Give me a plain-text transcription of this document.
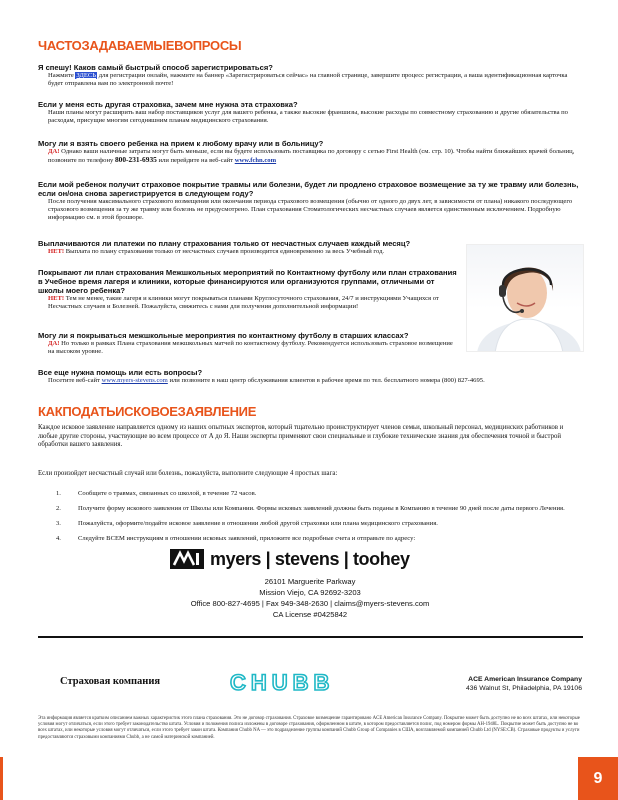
ЧАСТОЗАДАВАЕМЫЕВОПРОСЫ
Я спешу! Каков самый быстрый способ зарегистрироваться?
Нажмите ЗДЕСЬ для регистрации онлайн, нажмите на баннер «Зарегистрироваться сейчас» на главной странице, завершите процесс регистрации, а ваша идентификационная карточка будет отправлена вам по электронной почте!
Если у меня есть другая страховка, зачем мне нужна эта страховка?
Наши планы могут расширить ваш набор поставщиков услуг для вашего ребенка, а также высокие франшизы, высокие расходы по совместному страхованию и другие обязательства по расходам, присущие многим сегодняшним планам медицинского страхования.
Могу ли я взять своего ребенка на прием к любому врачу или в больницу?
ДА! Однако ваши наличные затраты могут быть меньше, если вы будете использовать поставщика по договору с сетью First Health (см. стр. 10). Чтобы найти ближайших врачей больниц, позвоните по телефону 800-231-6935 или перейдите на веб-сайт www.fchn.com
Если мой ребенок получит страховое покрытие травмы или болезни, будет ли продлено страховое возмещение за ту же травму или болезнь, если он/она снова зарегистрируется в следующем году?
После получения максимального страхового возмещения или окончания периода страхового возмещения (обычно от одного до двух лет, в зависимости от плана) никакого последующего страхового возмещения за ту же травму или болезнь не предусмотрено. План страхования Стоматологических несчастных случаев является единственным исключением. Подробную информацию см. в этой брошюре.
Выплачиваются ли платежи по плану страхования только от несчастных случаев каждый месяц?
НЕТ! Выплата по плану страхования только от несчастных случаев производится единовременно за весь Учебный год.
Покрывают ли план страхования Межшкольных мероприятий по Контактному футболу или план страхования в Учебное время лагеря и клиники, которые финансируются или организуются группами, отличными от школы моего ребенка?
НЕТ! Тем не менее, такие лагеря и клиники могут покрываться планами Круглосуточного страхования, 24/7 и инструкциями Учащихся от Несчастных случаев и Болезней. Пожалуйста, свяжитесь с нами для получения дополнительной информации!
Могу ли я покрываться межшкольные мероприятия по контактному футболу в старших классах?
ДА! Но только в рамках Плана страхования межшкольных матчей по контактному футболу. Рекомендуется использовать страховое возмещение на высоком уровне.
Все еще нужна помощь или есть вопросы?
Посетите веб-сайт www.myers-stevens.com или позвоните в наш центр обслуживания клиентов в рабочее время по тел. бесплатного номера (800) 827-4695.
КАКПОДАТЬИСКОВОЕЗАЯВЛЕНИЕ
Каждое исковое заявление направляется одному из наших опытных экспертов, который тщательно проинструктирует членов семьи, школьный персонал, медицинских работников и любые другие стороны, участвующие во всем процессе от А до Я. Наши эксперты применяют свои специальные и глубокие технические знания для обеспечения точной и быстрой обработки вашего заявления.
Если произойдет несчастный случай или болезнь, пожалуйста, выполните следующие 4 простых шага:
1.	Сообщите о травмах, связанных со школой, в течение 72 часов.
2.	Получите форму искового заявления от Школы или Компании. Формы исковых заявлений должны быть поданы в Компанию в течение 90 дней после даты первого Лечения.
3.	Пожалуйста, оформите/подайте исковое заявление в отношении любой другой страховки или плана медицинского страхования.
4.	Следуйте ВСЕМ инструкциям в отношении исковых заявлений, приложите все подробные счета и отправьте по адресу:
myers | stevens | toohey
26101 Marguerite Parkway
Mission Viejo, CA 92692-3203
Office 800-827-4695 | Fax 949-348-2630 | claims@myers-stevens.com
CA License #0425842
Страховая компания	CHUBB	ACE American Insurance Company
436 Walnut St, Philadelphia, PA 19106
Эта информация является кратким описанием важных характеристик этого плана страхования. Это не договор страхования. Страховое возмещение гарантировано ACE American Insurance Company. Покрытие может быть доступно не во всех штатах, или некоторые условия могут отличаться, если этого требует законодательство штата. Условия и положения полиса изложены в договоре страхования, оформленном в штате, в котором предоставляется полис, под номером формы АН-1948L. Покрытие может быть доступно не во всех штатах, или некоторые условия могут отличаться, если этого требует закон штата. Компания Chubb NA — это подразделение группы компаний Chubb Group of Companies в США, возглавляемой компанией Chubb Ltd (NYSE:CB). Страховые продукты и услуги предоставляются страховыми компаниями Chubb, а не самой материнской компанией.
9
